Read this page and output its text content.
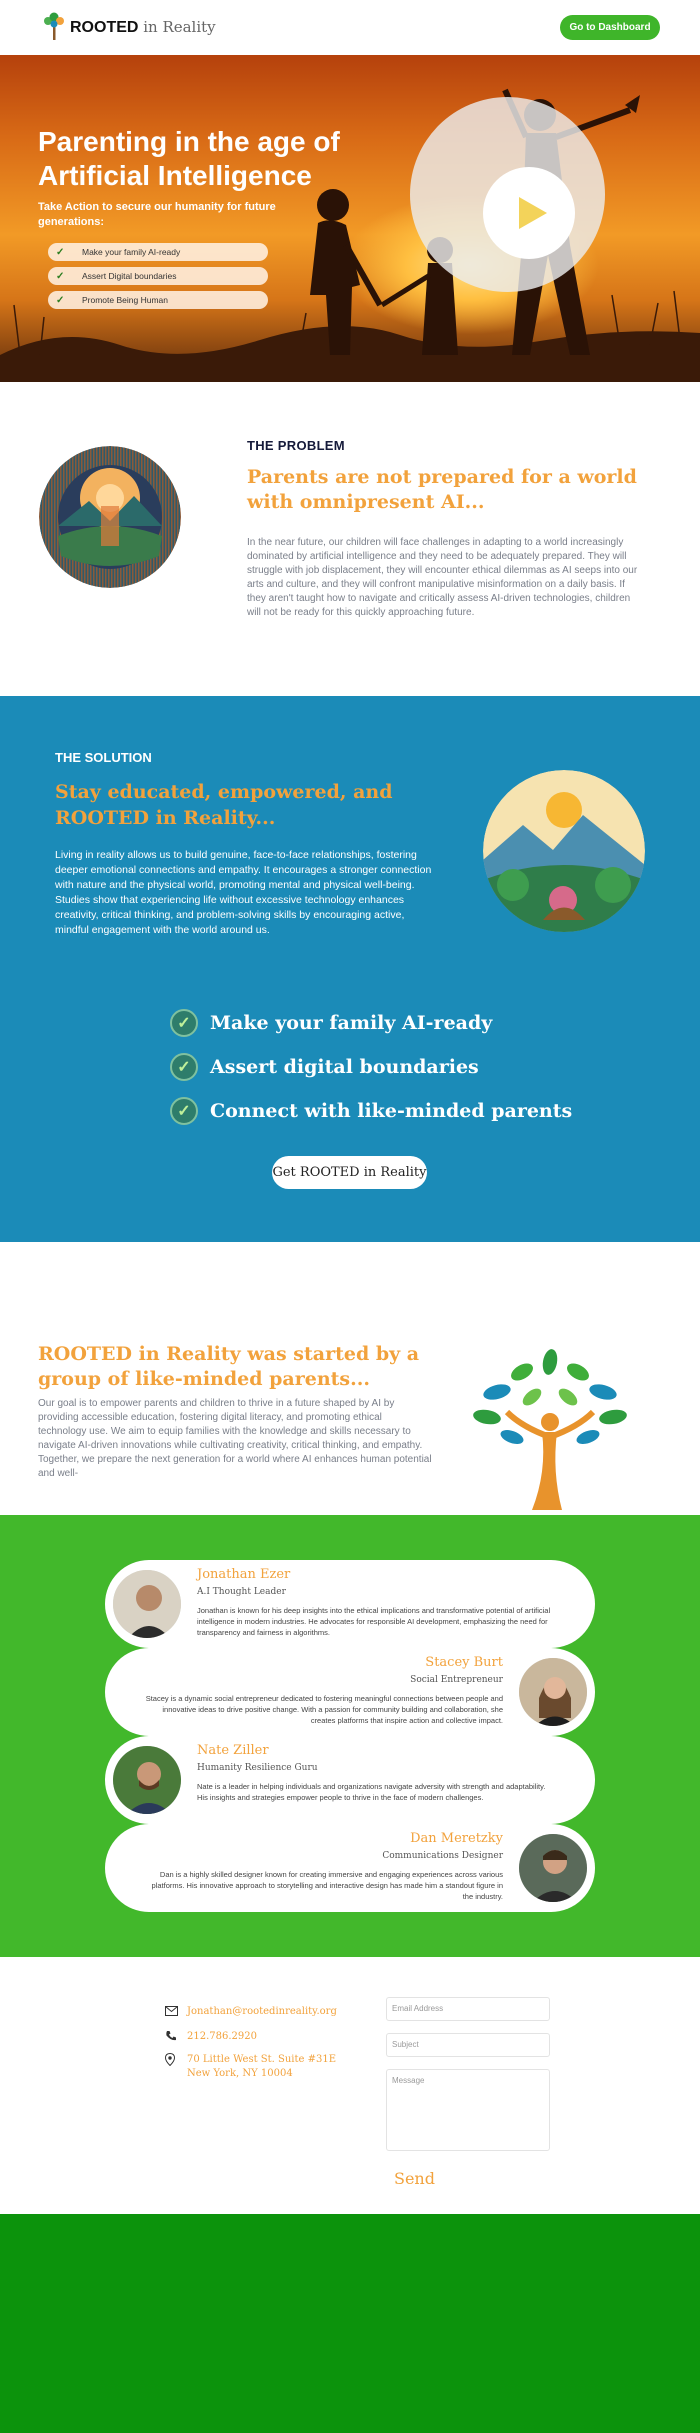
ROOTED in Reality	Go to Dashboard
Parenting in the age of Artificial Intelligence
Take Action to secure our humanity for future generations:
✓	Make your family AI-ready
✓	Assert Digital boundaries
✓	Promote Being Human
THE PROBLEM
Parents are not prepared for a world with omnipresent AI...

In the near future, our children will face challenges in adapting to a world increasingly dominated by artificial intelligence and they need to be adequately prepared. They will struggle with job displacement, they will encounter ethical dilemmas as AI seeps into our arts and culture, and they will confront manipulative misinformation on a daily basis. If they aren't taught how to navigate and critically assess AI-driven technologies, children will not be ready for this quickly approaching future.

THE SOLUTION
Stay educated, empowered, and ROOTED in Reality...

Living in reality allows us to build genuine, face-to-face relationships, fostering deeper emotional connections and empathy. It encourages a stronger connection with nature and the physical world, promoting mental and physical well-being. Studies show that experiencing life without excessive technology enhances creativity, critical thinking, and problem-solving skills by encouraging active, mindful engagement with the world around us.

✓	Make your family AI-ready
✓	Assert digital boundaries
✓	Connect with like-minded parents
Get ROOTED in Reality
ROOTED in Reality was started by a group of like-minded parents...

Our goal is to empower parents and children to thrive in a future shaped by AI by providing accessible education, fostering digital literacy, and promoting ethical technology use. We aim to equip families with the knowledge and skills necessary to navigate AI-driven innovations while cultivating creativity, critical thinking, and empathy. Together, we prepare the next generation for a world where AI enhances human potential and well-

Jonathan Ezer
A.I Thought Leader
Jonathan is known for his deep insights into the ethical implications and transformative potential of artificial intelligence in modern industries. He advocates for responsible AI development, emphasizing the need for transparency and fairness in algorithms.
Stacey Burt
Social Entrepreneur
Stacey is a dynamic social entrepreneur dedicated to fostering meaningful connections between people and innovative ideas to drive positive change. With a passion for community building and collaboration, she creates platforms that inspire action and collective impact.
Nate Ziller
Humanity Resilience Guru
Nate is a leader in helping individuals and organizations navigate adversity with strength and adaptability. His insights and strategies empower people to thrive in the face of modern challenges.
Dan Meretzky
Communications Designer
Dan is a highly skilled designer known for creating immersive and engaging experiences across various platforms. His innovative approach to storytelling and interactive design has made him a standout figure in the industry.
Jonathan@rootedinreality.org
212.786.2920
70 Little West St. Suite #31E
New York, NY 10004
Email Address
Subject
Message
Send
